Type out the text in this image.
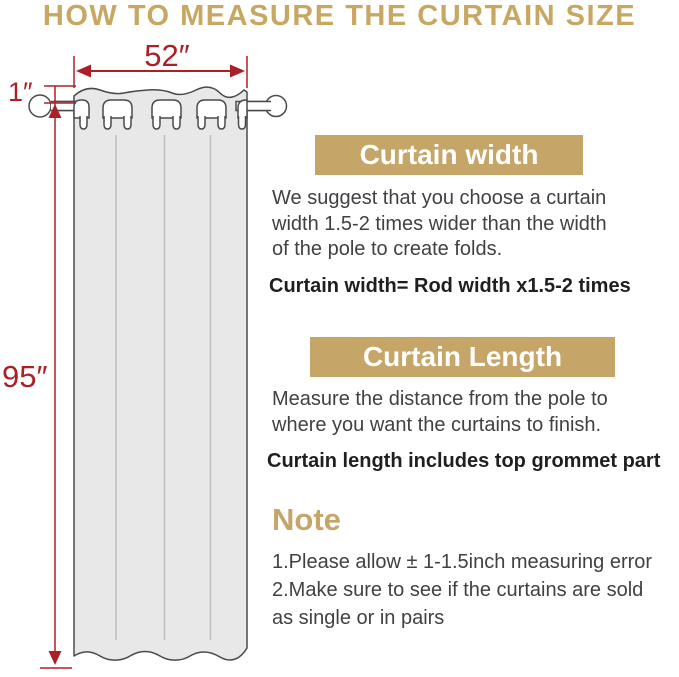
HOW TO MEASURE THE CURTAIN SIZE
52″
1″
95″
Curtain width
We suggest that you choose a curtain
width 1.5-2 times wider than the width
of the pole to create folds.
Curtain width= Rod width x1.5-2 times
Curtain Length
Measure the distance from the pole to
where you want the curtains to finish.
Curtain length includes top grommet part
Note
1.Please allow ± 1-1.5inch measuring error
2.Make sure to see if the curtains are sold
as single or in pairs
